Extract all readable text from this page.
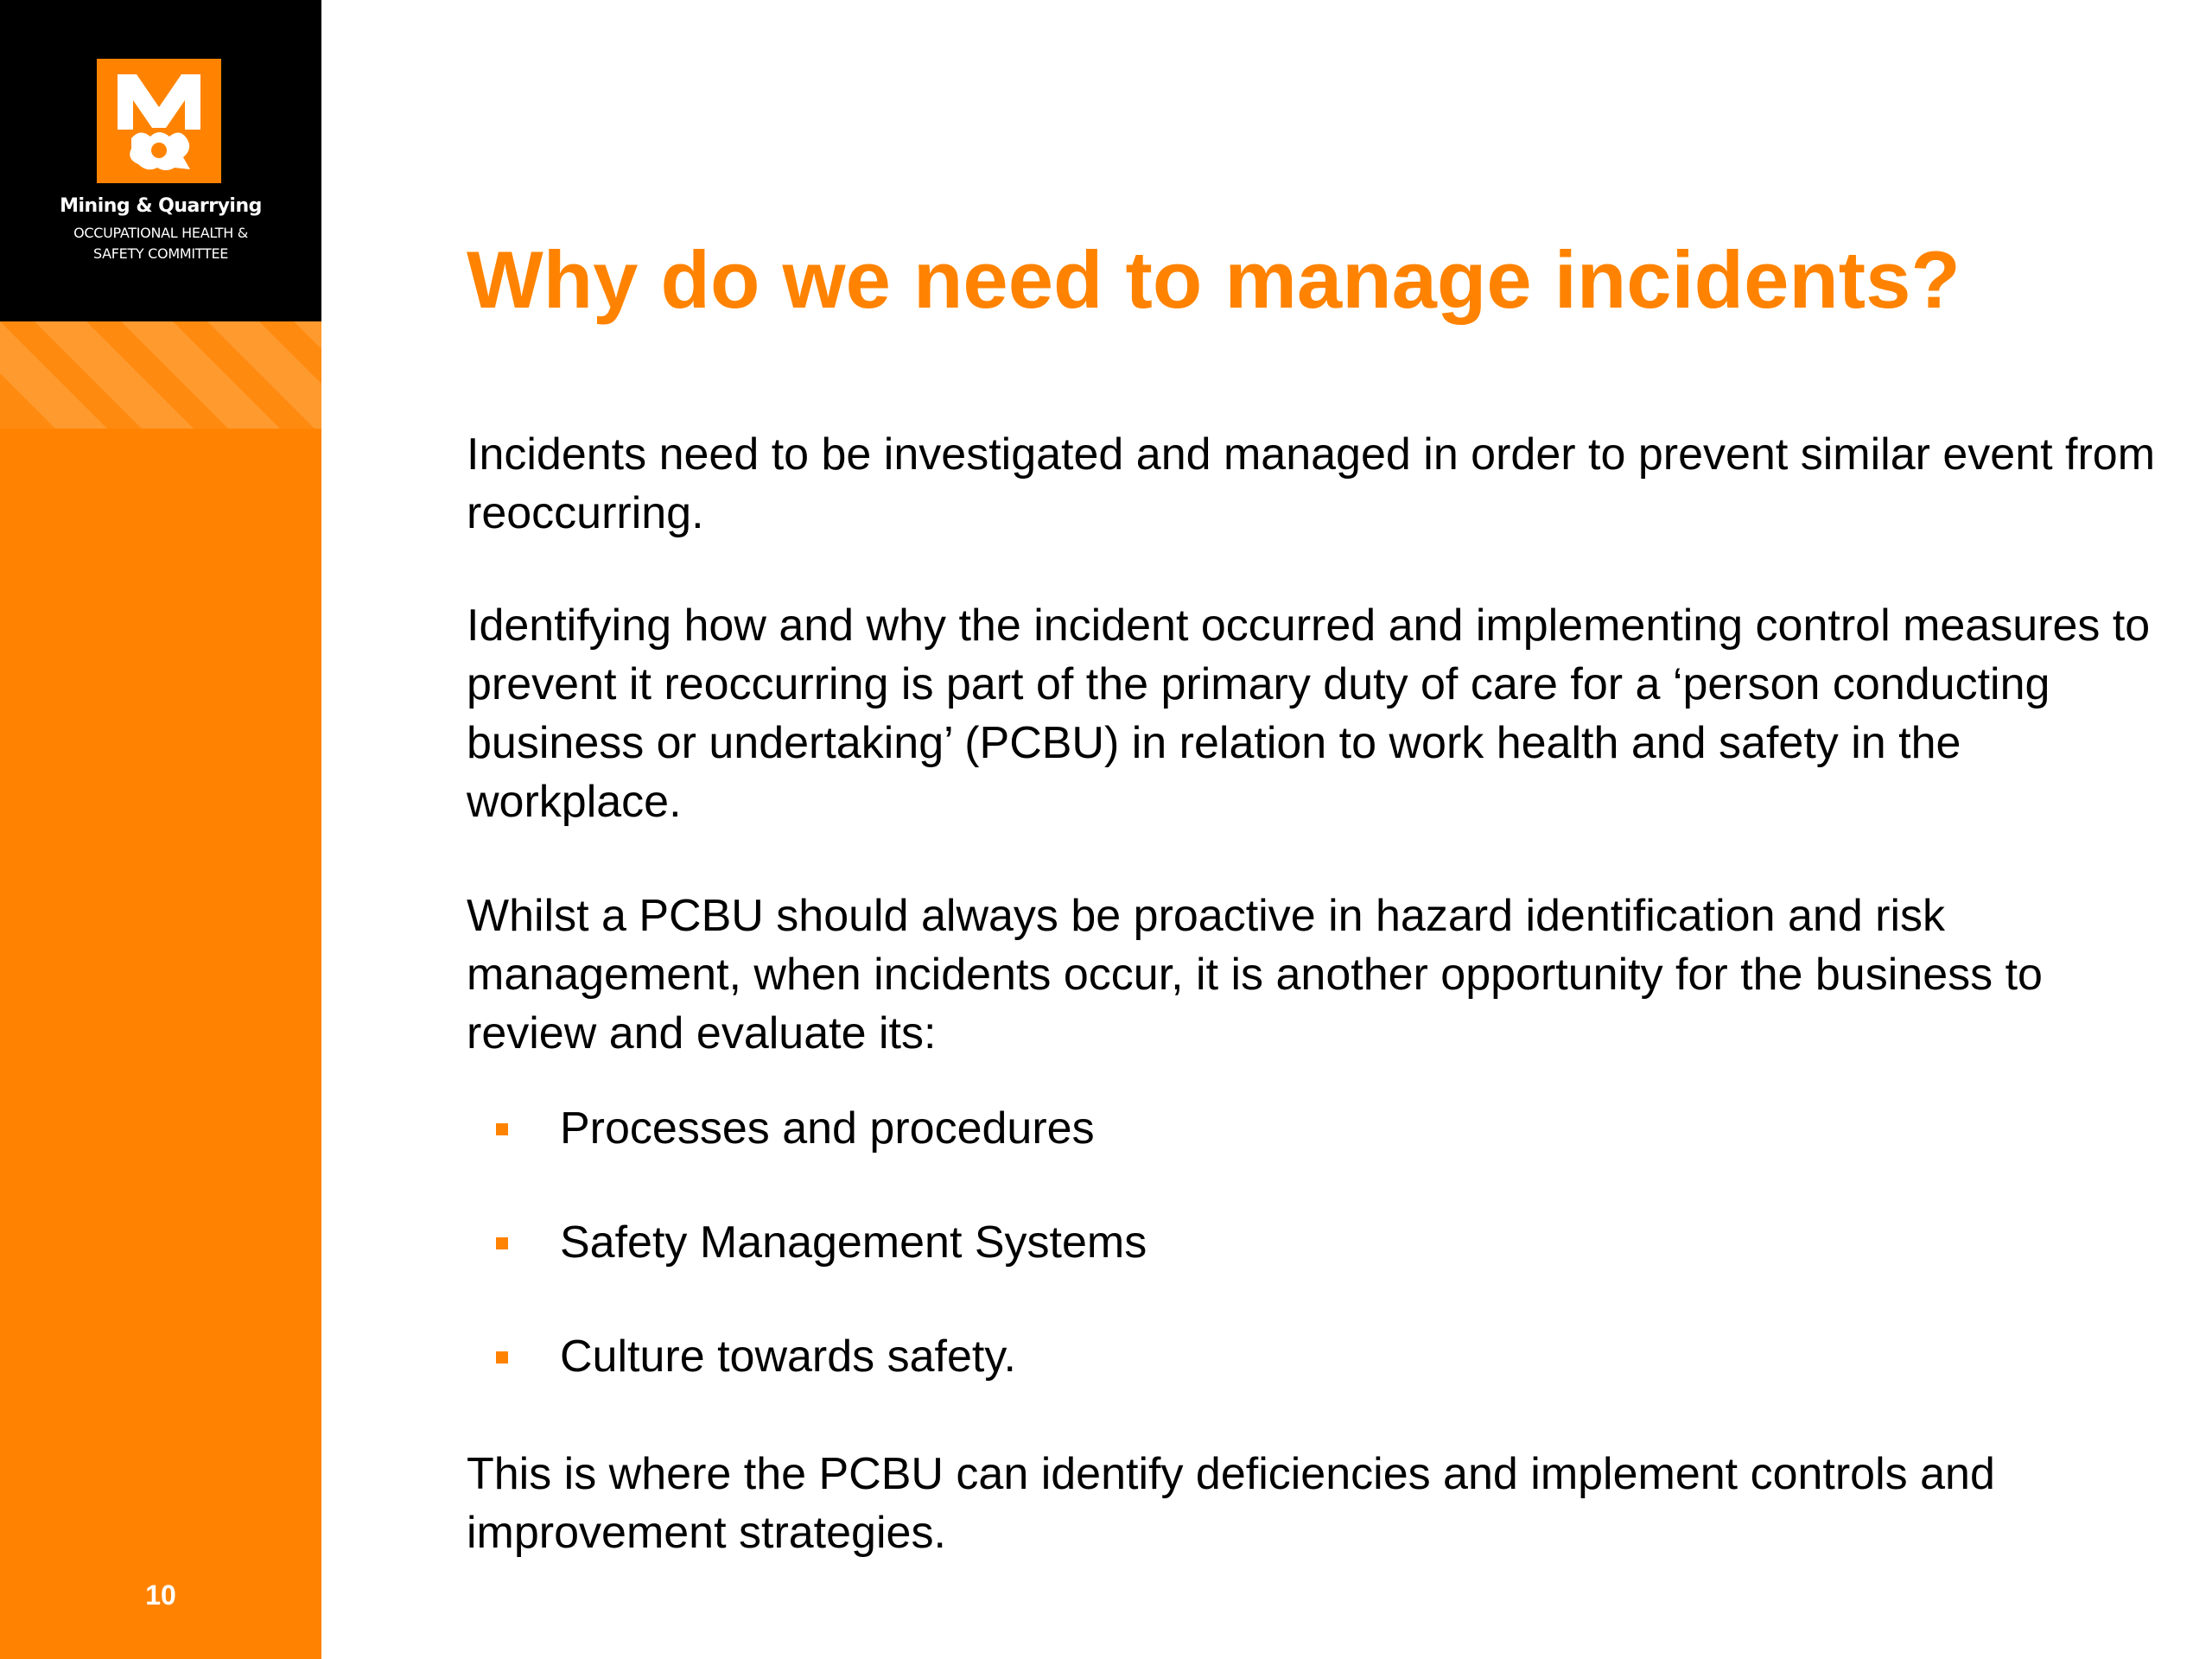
Mining & Quarrying
OCCUPATIONAL HEALTH &
SAFETY COMMITTEE
10
Why do we need to manage incidents?

Incidents need to be investigated and managed in order to prevent similar event from reoccurring.

Identifying how and why the incident occurred and implementing control measures to prevent it reoccurring is part of the primary duty of care for a ‘person conducting business or undertaking’ (PCBU) in relation to work health and safety in the workplace.

Whilst a PCBU should always be proactive in hazard identification and risk management, when incidents occur, it is another opportunity for the business to review and evaluate its:

Processes and procedures
Safety Management Systems
Culture towards safety.

This is where the PCBU can identify deficiencies and implement controls and improvement strategies.
